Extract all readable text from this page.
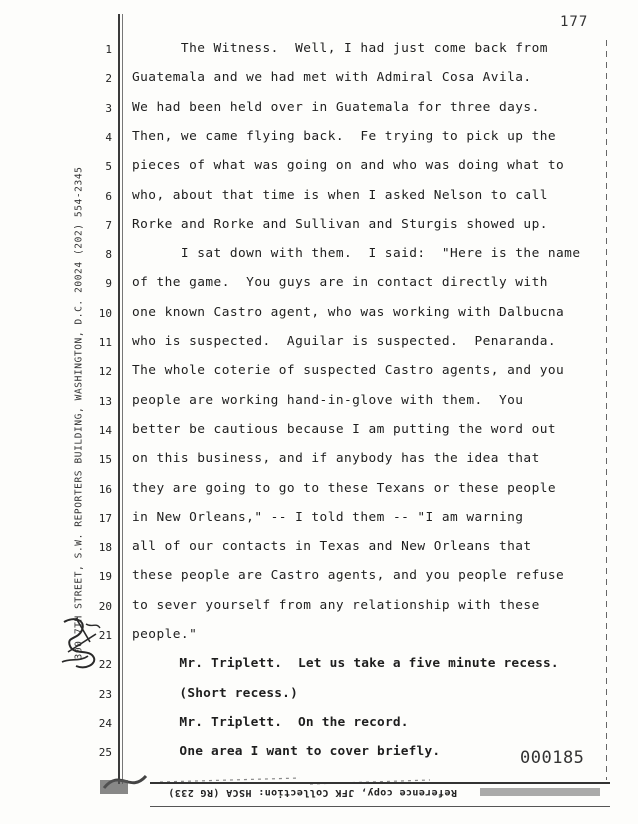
177
300 7TH STREET, S.W. REPORTERS BUILDING, WASHINGTON, D.C. 20024 (202) 554-2345
1 The Witness.  Well, I had just come back from
2 Guatemala and we had met with Admiral Cosa Avila.
3 We had been held over in Guatemala for three days.
4 Then, we came flying back.  Fe trying to pick up the
5 pieces of what was going on and who was doing what to
6 who, about that time is when I asked Nelson to call
7 Rorke and Rorke and Sullivan and Sturgis showed up.
8 I sat down with them.  I said:  "Here is the name
9 of the game.  You guys are in contact directly with
10 one known Castro agent, who was working with Dalbucna
11 who is suspected.  Aguilar is suspected.  Penaranda.
12 The whole coterie of suspected Castro agents, and you
13 people are working hand-in-glove with them.  You
14 better be cautious because I am putting the word out
15 on this business, and if anybody has the idea that
16 they are going to go to these Texans or these people
17 in New Orleans," -- I told them -- "I am warning
18 all of our contacts in Texas and New Orleans that
19 these people are Castro agents, and you people refuse
20 to sever yourself from any relationship with these
21 people."
22 Mr. Triplett.  Let us take a five minute recess.
23 (Short recess.)
24 Mr. Triplett.  On the record.
25 One area I want to cover briefly.	000185
Reference copy, JFK Collection: HSCA (RG 233)
